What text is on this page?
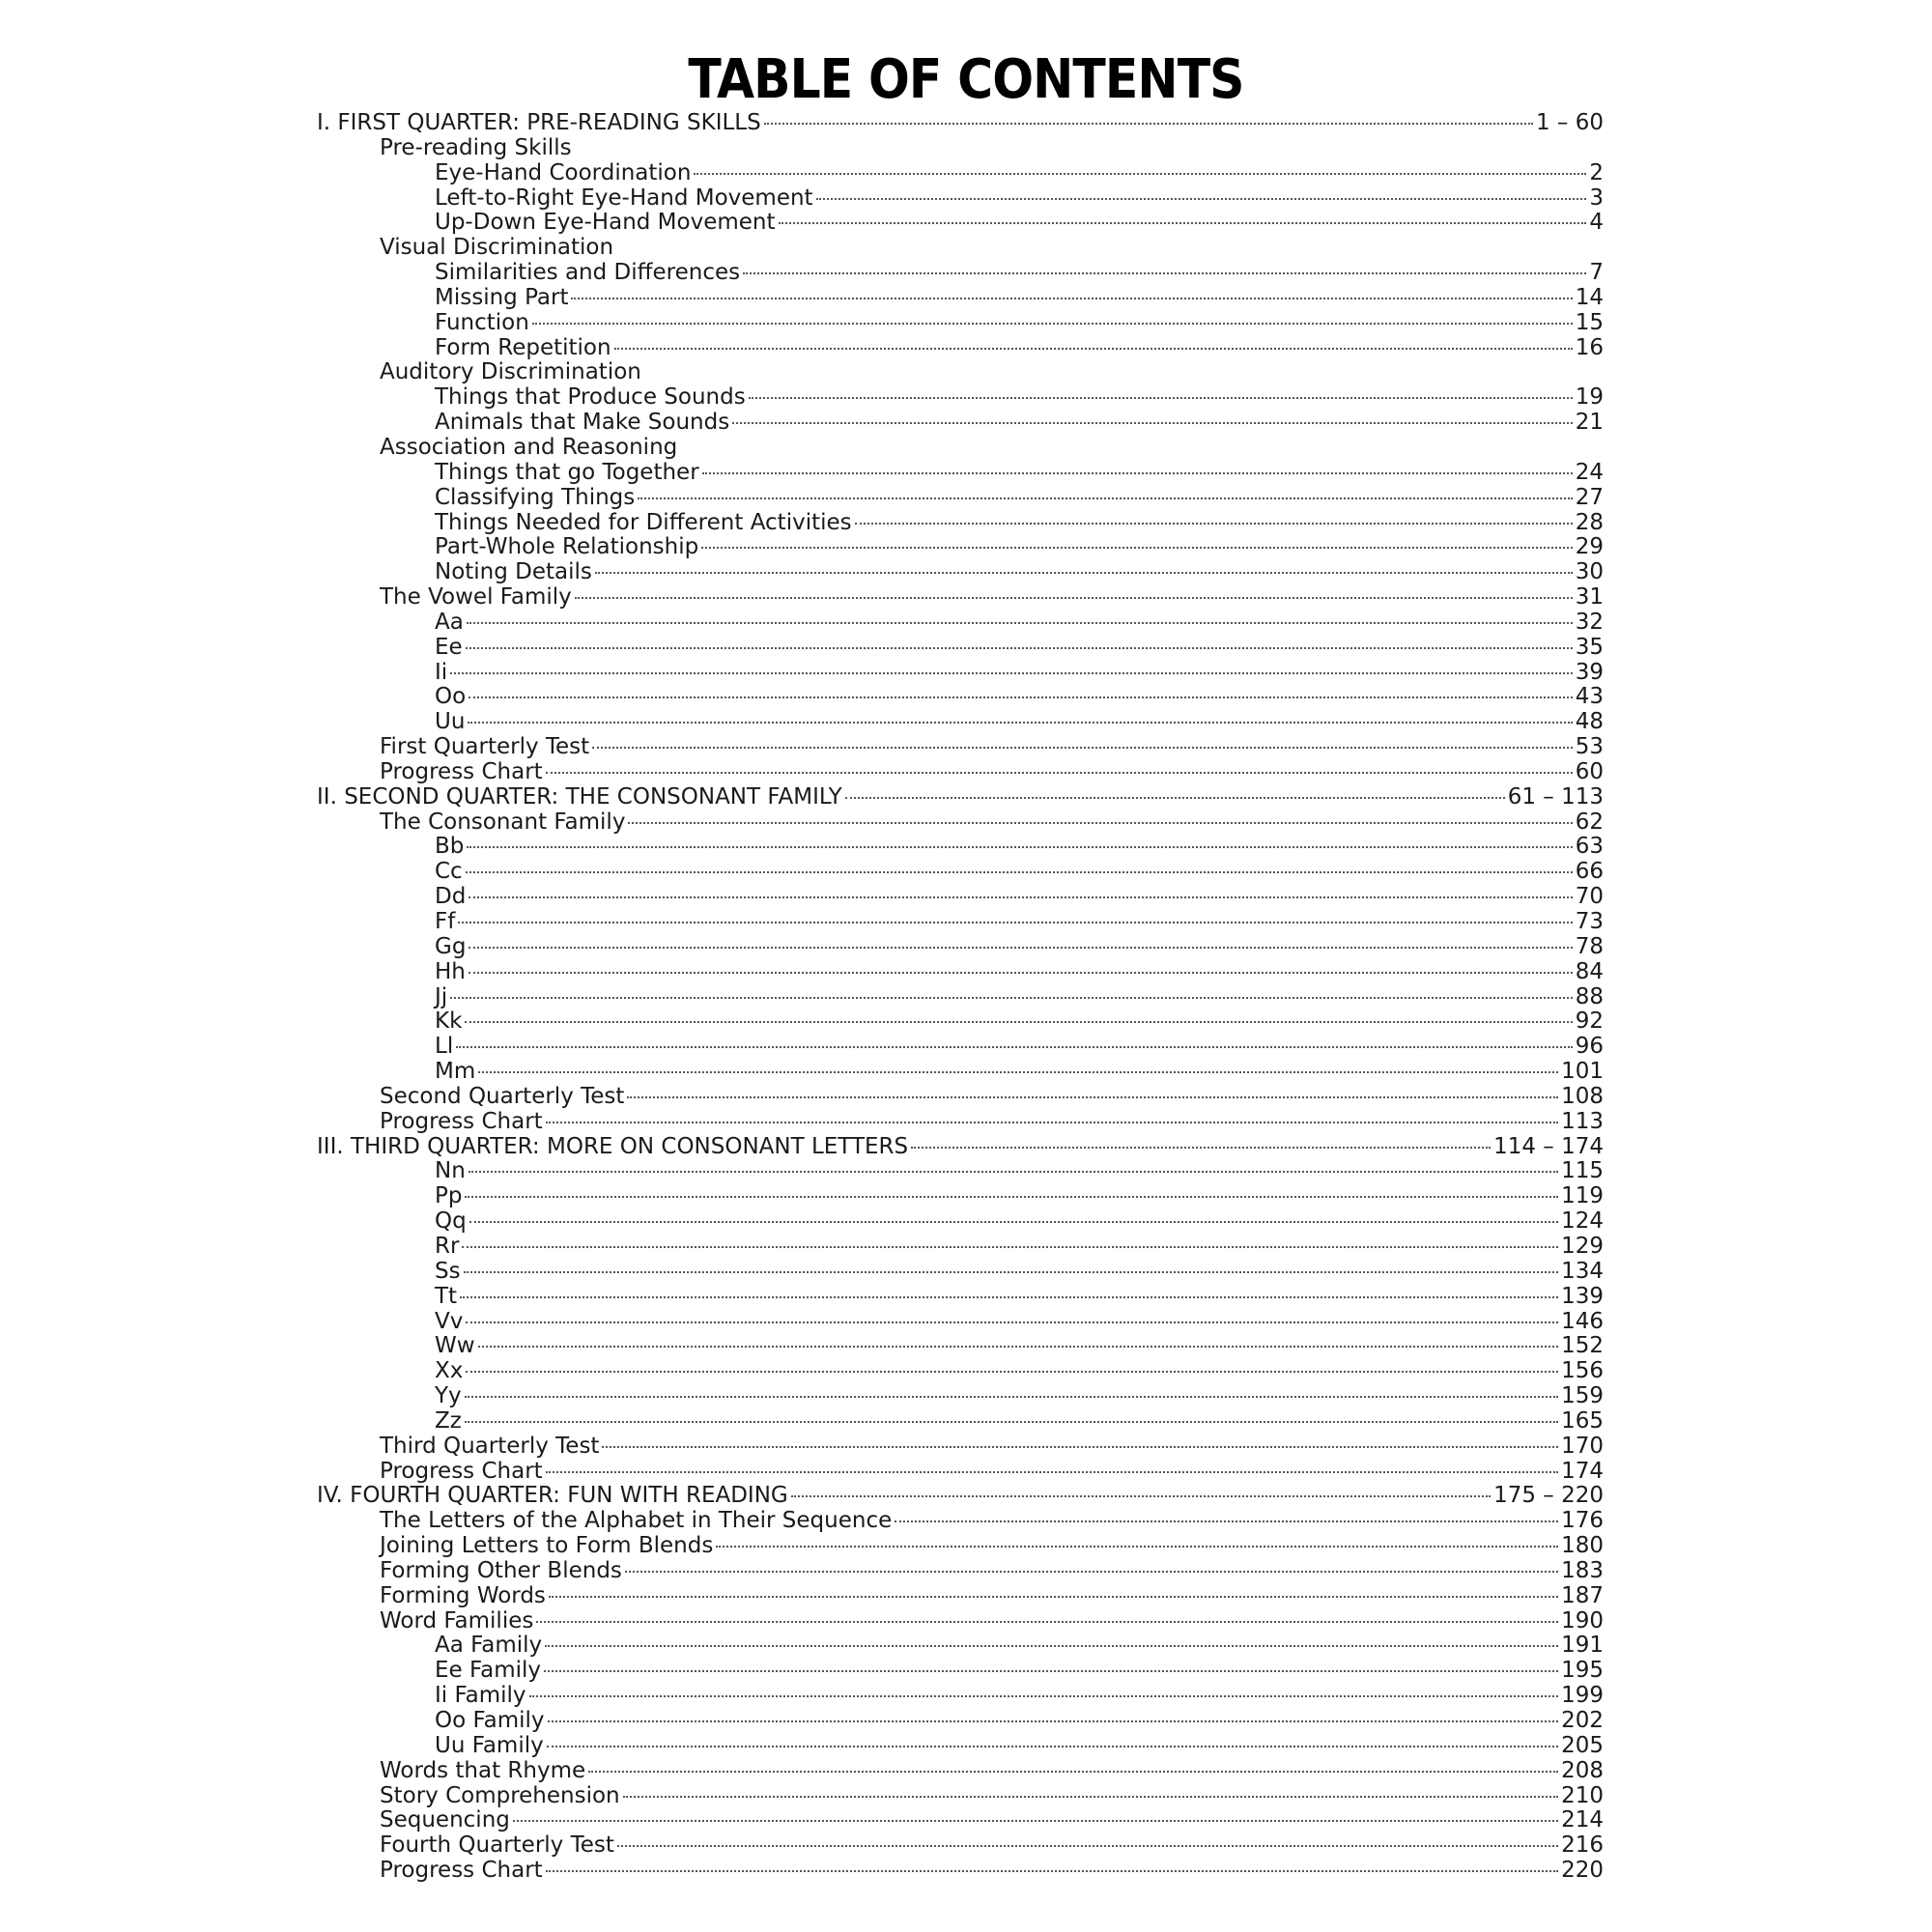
TABLE OF CONTENTS
I. FIRST QUARTER: PRE-READING SKILLS	1 – 60
Pre-reading Skills
Eye-Hand Coordination	2
Left-to-Right Eye-Hand Movement	3
Up-Down Eye-Hand Movement	4
Visual Discrimination
Similarities and Differences	7
Missing Part	14
Function	15
Form Repetition	16
Auditory Discrimination
Things that Produce Sounds	19
Animals that Make Sounds	21
Association and Reasoning
Things that go Together	24
Classifying Things	27
Things Needed for Different Activities	28
Part-Whole Relationship	29
Noting Details	30
The Vowel Family	31
Aa	32
Ee	35
Ii	39
Oo	43
Uu	48
First Quarterly Test	53
Progress Chart	60
II. SECOND QUARTER: THE CONSONANT FAMILY	61 – 113
The Consonant Family	62
Bb	63
Cc	66
Dd	70
Ff	73
Gg	78
Hh	84
Jj	88
Kk	92
Ll	96
Mm	101
Second Quarterly Test	108
Progress Chart	113
III. THIRD QUARTER: MORE ON CONSONANT LETTERS	114 – 174
Nn	115
Pp	119
Qq	124
Rr	129
Ss	134
Tt	139
Vv	146
Ww	152
Xx	156
Yy	159
Zz	165
Third Quarterly Test	170
Progress Chart	174
IV. FOURTH QUARTER: FUN WITH READING	175 – 220
The Letters of the Alphabet in Their Sequence	176
Joining Letters to Form Blends	180
Forming Other Blends	183
Forming Words	187
Word Families	190
Aa Family	191
Ee Family	195
Ii Family	199
Oo Family	202
Uu Family	205
Words that Rhyme	208
Story Comprehension	210
Sequencing	214
Fourth Quarterly Test	216
Progress Chart	220
